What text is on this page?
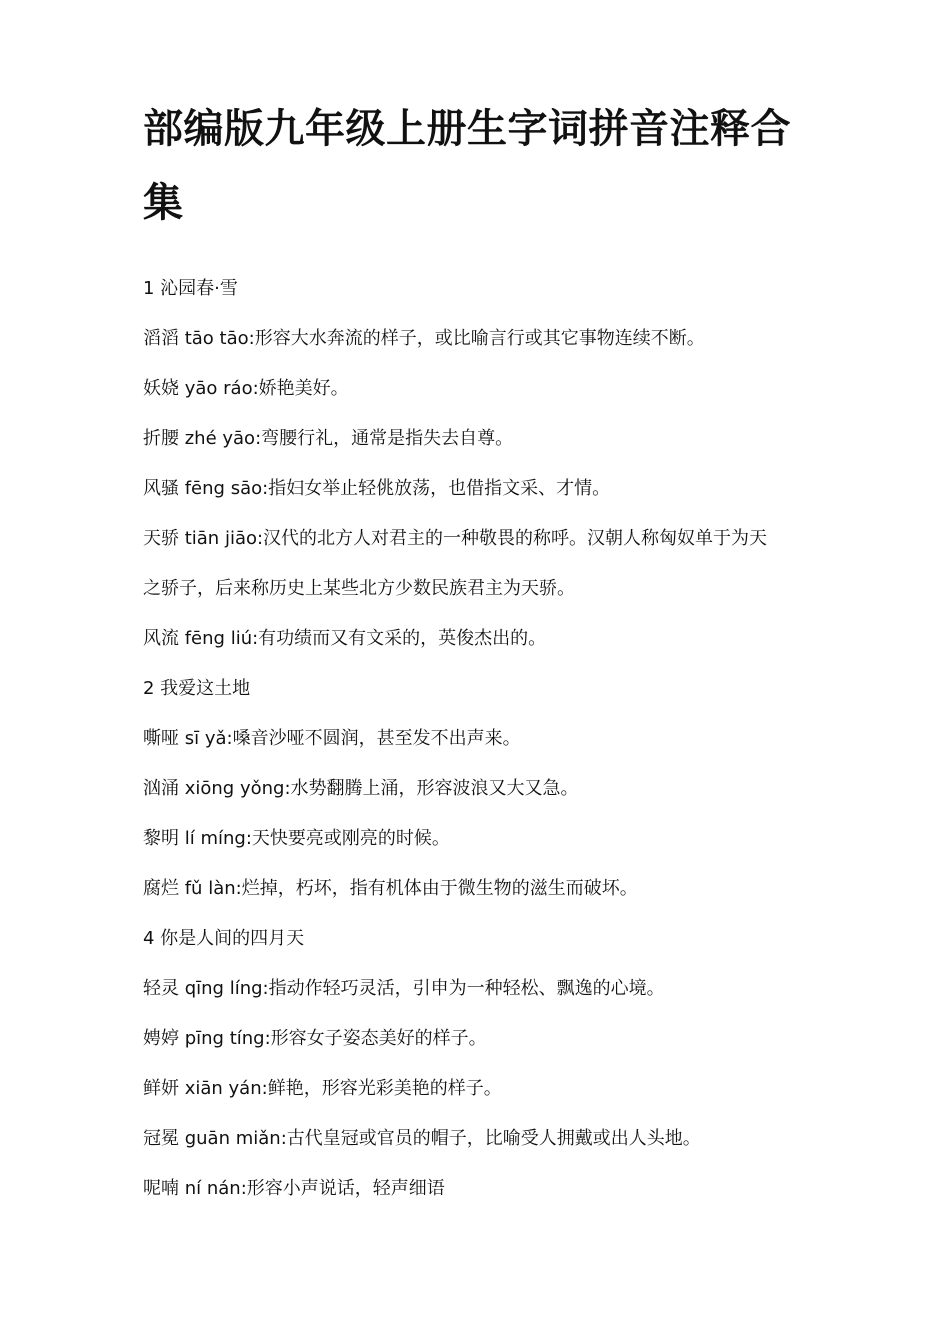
部编版九年级上册生字词拼音注释合集
1 沁园春·雪
滔滔 tāo tāo:形容大水奔流的样子，或比喻言行或其它事物连续不断。
妖娆 yāo ráo:娇艳美好。
折腰 zhé yāo:弯腰行礼，通常是指失去自尊。
风骚 fēng sāo:指妇女举止轻佻放荡，也借指文采、才情。
天骄 tiān jiāo:汉代的北方人对君主的一种敬畏的称呼。汉朝人称匈奴单于为天
之骄子，后来称历史上某些北方少数民族君主为天骄。
风流 fēng liú:有功绩而又有文采的，英俊杰出的。
2 我爱这土地
嘶哑 sī yǎ:嗓音沙哑不圆润，甚至发不出声来。
汹涌 xiōng yǒng:水势翻腾上涌，形容波浪又大又急。
黎明 lí míng:天快要亮或刚亮的时候。
腐烂 fǔ làn:烂掉，朽坏，指有机体由于微生物的滋生而破坏。
4 你是人间的四月天
轻灵 qīng líng:指动作轻巧灵活，引申为一种轻松、飘逸的心境。
娉婷 pīng tíng:形容女子姿态美好的样子。
鲜妍 xiān yán:鲜艳，形容光彩美艳的样子。
冠冕 guān miǎn:古代皇冠或官员的帽子，比喻受人拥戴或出人头地。
呢喃 ní nán:形容小声说话，轻声细语
